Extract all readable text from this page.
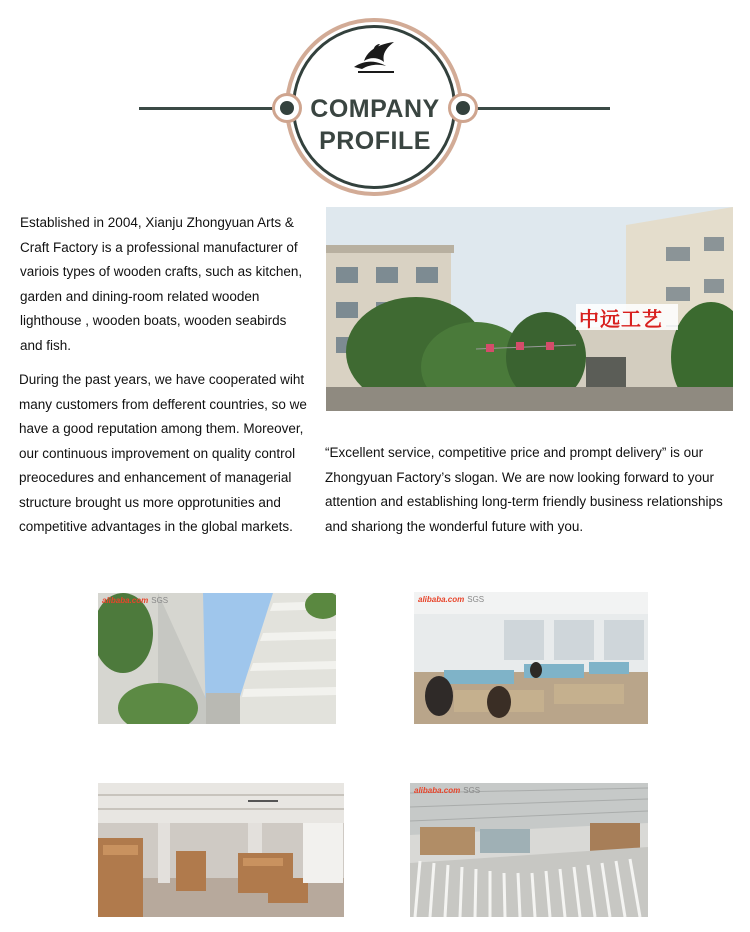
COMPANY
PROFILE
Established in 2004, Xianju Zhongyuan Arts & Craft Factory is a professional manufacturer of variois types of wooden crafts, such as kitchen, garden and dining-room related wooden lighthouse , wooden boats, wooden seabirds and fish.
During the past years, we have cooperated wiht many customers from defferent countries, so we have a good reputation among them. Moreover, our continuous improvement on quality control preocedures and enhancement of managerial structure brought us more opprotunities and competitive advantages in the global markets.
中远工艺
“Excellent service, competitive price and prompt delivery” is our Zhongyuan Factory’s slogan. We are now looking forward to your attention and establishing long-term friendly business relationships and shariong the wonderful future with you.
alibaba.com SGS	alibaba.com SGS
alibaba.com SGS
